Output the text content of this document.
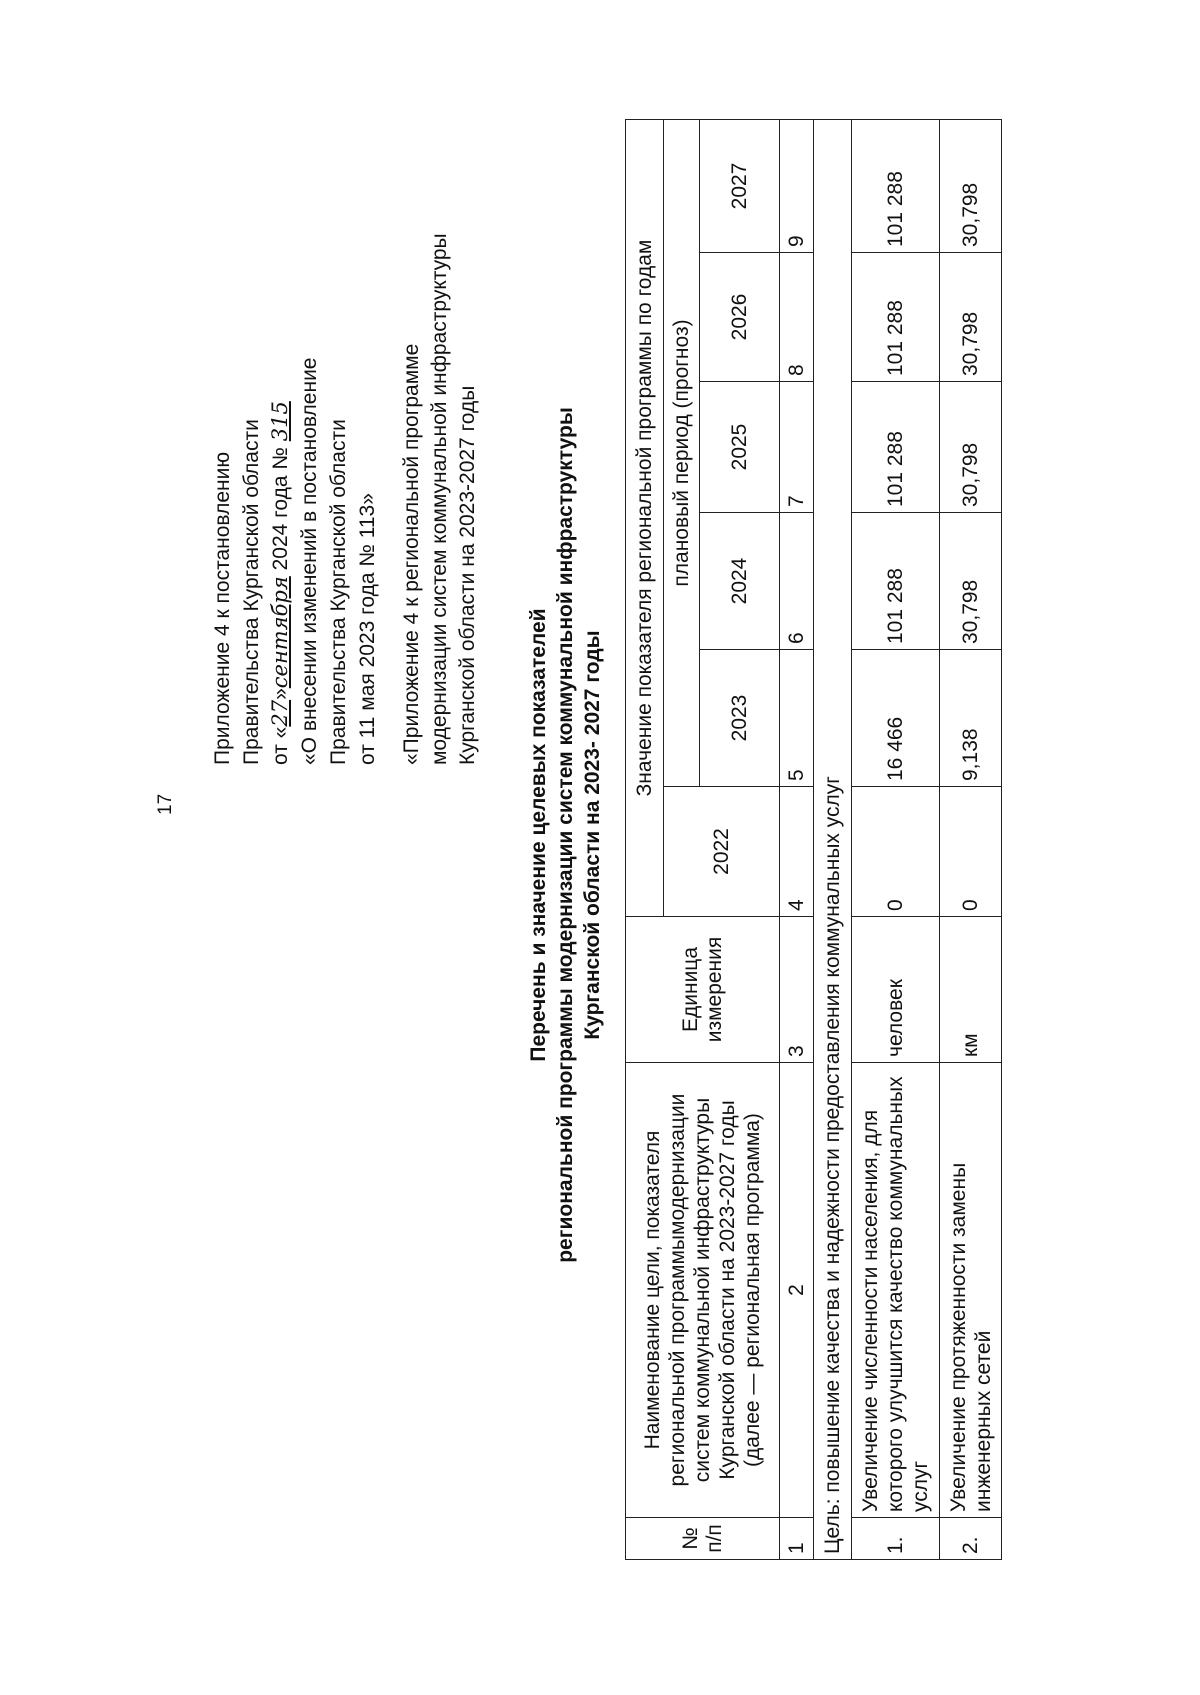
17
Приложение 4 к постановлению Правительства Курганской области от «27»сентября 2024 года № 315 «О внесении изменений в постановление Правительства Курганской области от 11 мая 2023 года № 113» «Приложение 4 к региональной программе модернизации систем коммунальной инфраструктуры Курганской области на 2023-2027 годы
Перечень и значение целевых показателей региональной программы модернизации систем коммунальной инфраструктуры Курганской области на 2023- 2027 годы
№ п/п	Наименование цели, показателя региональной программымодернизации систем коммунальной инфраструктуры Курганской области на 2023-2027 годы (далее — региональная программа)	Единица измерения	Значение показателя региональной программы по годам					
			2022	плановый период (прогноз)				
				2023	2024	2025	2026	2027
1	2	3	4	5	6	7	8	9
Цель: повышение качества и надежности предоставления коммунальных услуг								
1.	Увеличение численности населения, для которого улучшится качество коммунальных услуг	человек	0	16 466	101 288	101 288	101 288	101 288
2.	Увеличение протяженности замены инженерных сетей	км	0	9,138	30,798	30,798	30,798	30,798
